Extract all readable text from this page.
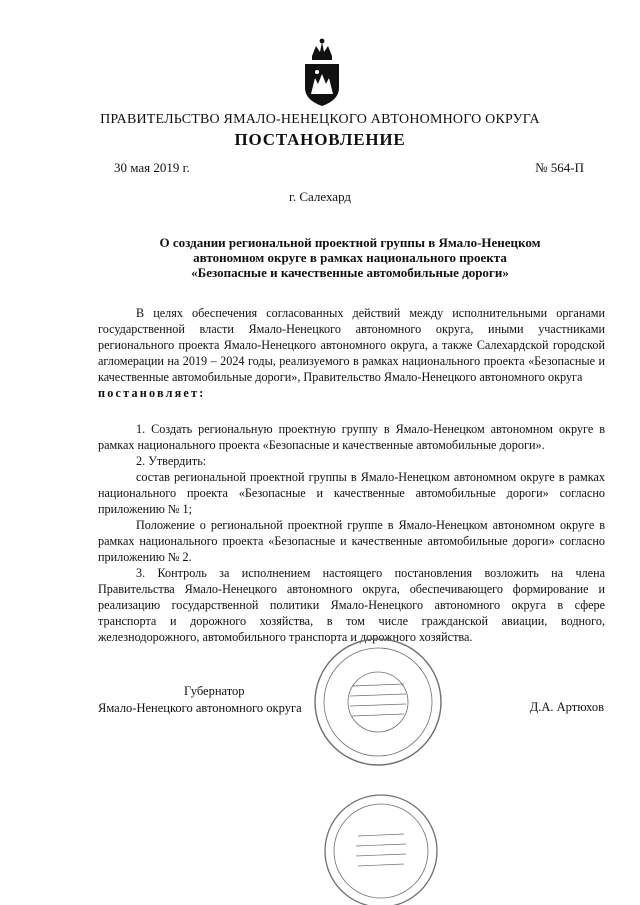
ПРАВИТЕЛЬСТВО ЯМАЛО-НЕНЕЦКОГО АВТОНОМНОГО ОКРУГА
ПОСТАНОВЛЕНИЕ
30 мая 2019 г.	№ 564-П
г. Салехард
О создании региональной проектной группы в Ямало-Ненецком
автономном округе в рамках национального проекта
«Безопасные и качественные автомобильные дороги»

В целях обеспечения согласованных действий между исполнительными органами государственной власти Ямало-Ненецкого автономного округа, иными участниками регионального проекта Ямало-Ненецкого автономного округа, а также Салехардской городской агломерации на 2019 – 2024 годы, реализуемого в рамках национального проекта «Безопасные и качественные автомобильные дороги», Правительство Ямало-Ненецкого автономного округа

постановляет:

1. Создать региональную проектную группу в Ямало-Ненецком автономном округе в рамках национального проекта «Безопасные и качественные автомобильные дороги».

2. Утвердить:

состав региональной проектной группы в Ямало-Ненецком автономном округе в рамках национального проекта «Безопасные и качественные автомобильные дороги» согласно приложению № 1;

Положение о региональной проектной группе в Ямало-Ненецком автономном округе в рамках национального проекта «Безопасные и качественные автомобильные дороги» согласно приложению № 2.

3. Контроль за исполнением настоящего постановления возложить на члена Правительства Ямало-Ненецкого автономного округа, обеспечивающего формирование и реализацию государственной политики Ямало-Ненецкого автономного округа в сфере транспорта и дорожного хозяйства, в том числе гражданской авиации, водного, железнодорожного, автомобильного транспорта и дорожного хозяйства.

Губернатор
Ямало-Ненецкого автономного округа	Д.А. Артюхов
